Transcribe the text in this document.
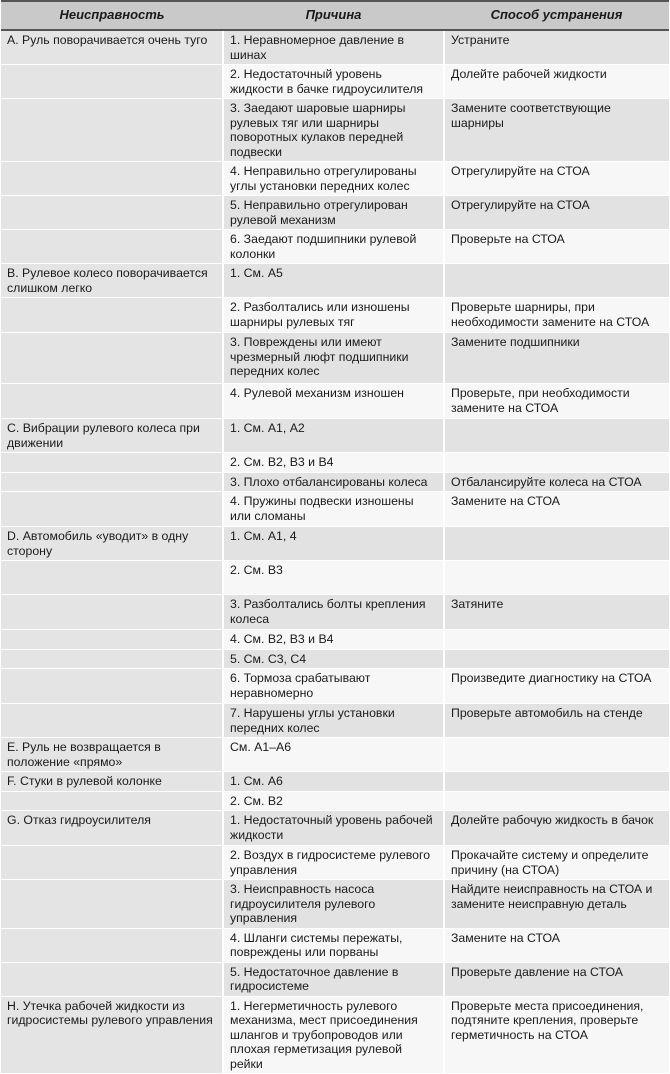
Неисправность	Причина	Способ устранения
А. Руль поворачивается очень туго	1. Неравномерное давление в шинах	Устраните
	2. Недостаточный уровень жидкости в бачке гидроусилителя	Долейте рабочей жидкости
	3. Заедают шаровые шарниры рулевых тяг или шарниры поворотных кулаков передней подвески	Замените соответствующие шарниры
	4. Неправильно отрегулированы углы установки передних колес	Отрегулируйте на СТОА
	5. Неправильно отрегулирован рулевой механизм	Отрегулируйте на СТОА
	6. Заедают подшипники рулевой колонки	Проверьте на СТОА
В. Рулевое колесо поворачивается слишком легко	1. См. А5	
	2. Разболтались или изношены шарниры рулевых тяг	Проверьте шарниры, при необходимости замените на СТОА
	3. Повреждены или имеют чрезмерный люфт подшипники передних колес	Замените подшипники
	4. Рулевой механизм изношен	Проверьте, при необходимости замените на СТОА
С. Вибрации рулевого колеса при движении	1. См. А1, А2	
	2. См. В2, В3 и В4	
	3. Плохо отбалансированы колеса	Отбалансируйте колеса на СТОА
	4. Пружины подвески изношены или сломаны	Замените на СТОА
D. Автомобиль «уводит» в одну сторону	1. См. А1, 4	
	2. См. В3	
	3. Разболтались болты крепления колеса	Затяните
	4. См. В2, В3 и В4	
	5. См. С3, С4	
	6. Тормоза срабатывают неравномерно	Произведите диагностику на СТОА
	7. Нарушены углы установки передних колес	Проверьте автомобиль на стенде
Е. Руль не возвращается в положение «прямо»	См. А1–А6	
F. Стуки в рулевой колонке	1. См. А6	
	2. См. В2	
G. Отказ гидроусилителя	1. Недостаточный уровень рабочей жидкости	Долейте рабочую жидкость в бачок
	2. Воздух в гидросистеме рулевого управления	Прокачайте систему и определите причину (на СТОА)
	3. Неисправность насоса гидроусилителя рулевого управления	Найдите неисправность на СТОА и замените неисправную деталь
	4. Шланги системы пережаты, повреждены или порваны	Замените на СТОА
	5. Недостаточное давление в гидросистеме	Проверьте давление на СТОА
Н. Утечка рабочей жидкости из гидросистемы рулевого управления	1. Негерметичность рулевого механизма, мест присоединения шлангов и трубопроводов или плохая герметизация рулевой рейки	Проверьте места присоединения, подтяните крепления, проверьте герметичность на СТОА
